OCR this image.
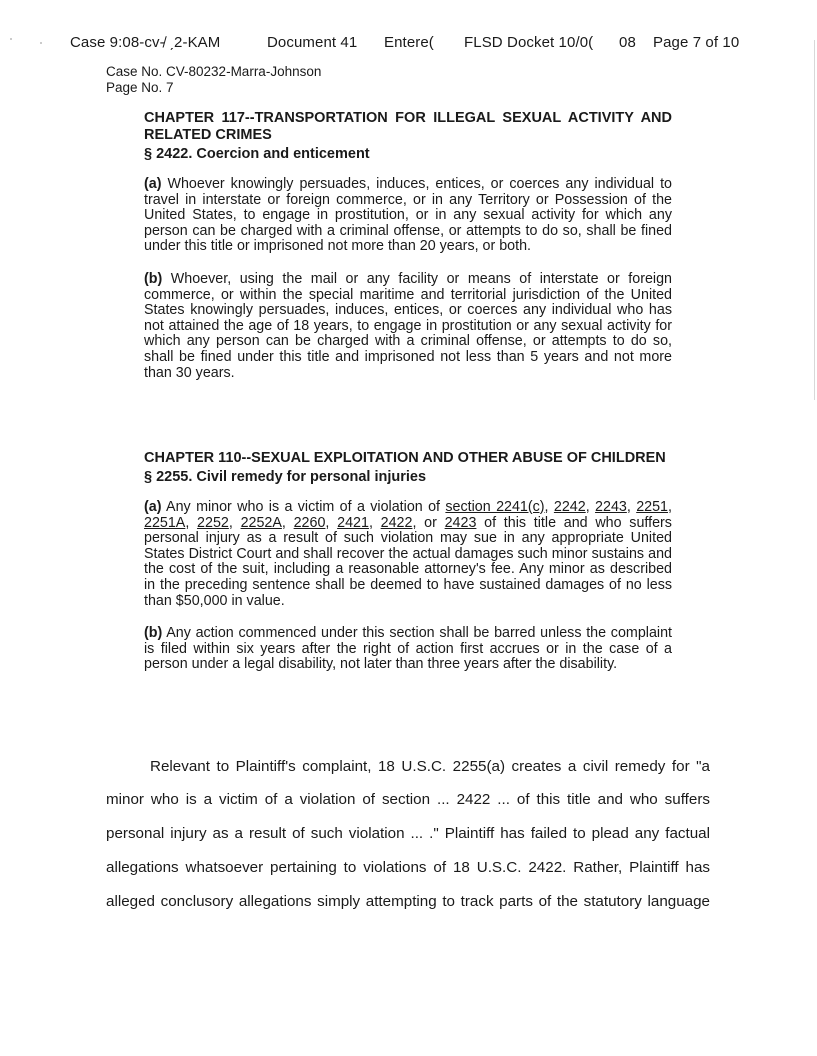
Case 9:08-cv-̸ ˏ2-KAM	Document 41 Entere( FLSD Docket 10/0( 08 Page 7 of 10
Case No. CV-80232-Marra-Johnson
Page No. 7

CHAPTER 117--TRANSPORTATION FOR ILLEGAL SEXUAL ACTIVITY AND RELATED CRIMES

§ 2422. Coercion and enticement

(a) Whoever knowingly persuades, induces, entices, or coerces any individual to travel in interstate or foreign commerce, or in any Territory or Possession of the United States, to engage in prostitution, or in any sexual activity for which any person can be charged with a criminal offense, or attempts to do so, shall be fined under this title or imprisoned not more than 20 years, or both.

(b) Whoever, using the mail or any facility or means of interstate or foreign commerce, or within the special maritime and territorial jurisdiction of the United States knowingly persuades, induces, entices, or coerces any individual who has not attained the age of 18 years, to engage in prostitution or any sexual activity for which any person can be charged with a criminal offense, or attempts to do so, shall be fined under this title and imprisoned not less than 5 years and not more than 30 years.

CHAPTER 110--SEXUAL EXPLOITATION AND OTHER ABUSE OF CHILDREN

§ 2255. Civil remedy for personal injuries

(a) Any minor who is a victim of a violation of section 2241(c), 2242, 2243, 2251, 2251A, 2252, 2252A, 2260, 2421, 2422, or 2423 of this title and who suffers personal injury as a result of such violation may sue in any appropriate United States District Court and shall recover the actual damages such minor sustains and the cost of the suit, including a reasonable attorney's fee. Any minor as described in the preceding sentence shall be deemed to have sustained damages of no less than $50,000 in value.

(b) Any action commenced under this section shall be barred unless the complaint is filed within six years after the right of action first accrues or in the case of a person under a legal disability, not later than three years after the disability.

Relevant to Plaintiff's complaint, 18 U.S.C. 2255(a) creates a civil remedy for "a
minor who is a victim of a violation of section ... 2422 ... of this title and who suffers
personal injury as a result of such violation ... ." Plaintiff has failed to plead any factual
allegations whatsoever pertaining to violations of 18 U.S.C. 2422. Rather, Plaintiff has
alleged conclusory allegations simply attempting to track parts of the statutory language
